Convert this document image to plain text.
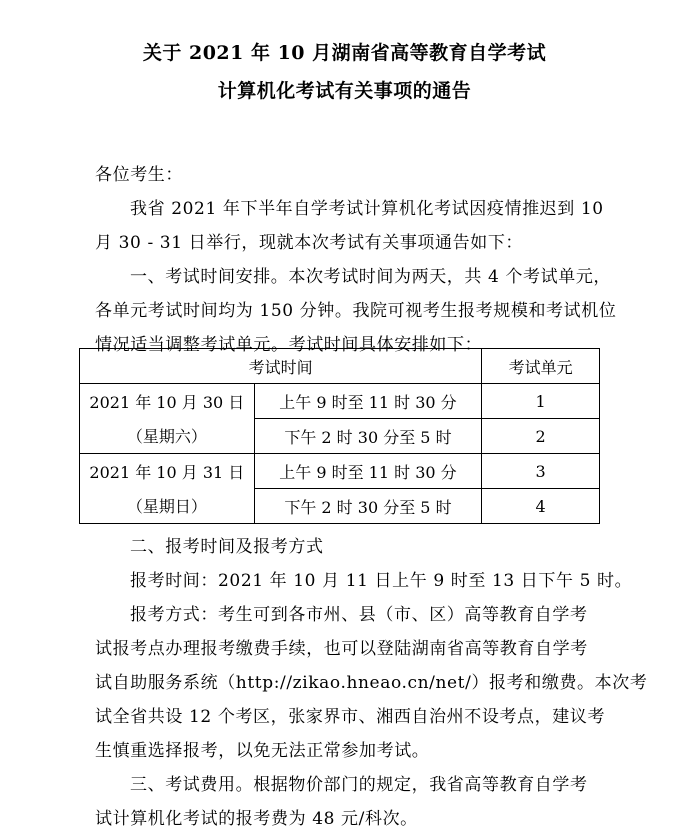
关于 2021 年 10 月湖南省高等教育自学考试
计算机化考试有关事项的通告
各位考生：
我省 2021 年下半年自学考试计算机化考试因疫情推迟到 10
月 30 - 31 日举行，现就本次考试有关事项通告如下：
一、考试时间安排。本次考试时间为两天，共 4 个考试单元，
各单元考试时间均为 150 分钟。我院可视考生报考规模和考试机位
情况适当调整考试单元。考试时间具体安排如下：
考试时间		考试单元
2021 年 10 月 30 日	上午 9 时至 11 时 30 分	1
（星期六）	下午 2 时 30 分至 5 时	2
2021 年 10 月 31 日	上午 9 时至 11 时 30 分	3
（星期日）	下午 2 时 30 分至 5 时	4
二、报考时间及报考方式
报考时间：2021 年 10 月 11 日上午 9 时至 13 日下午 5 时。
报考方式：考生可到各市州、县（市、区）高等教育自学考
试报考点办理报考缴费手续，也可以登陆湖南省高等教育自学考
试自助服务系统（http://zikao.hneao.cn/net/）报考和缴费。本次考
试全省共设 12 个考区，张家界市、湘西自治州不设考点，建议考
生慎重选择报考，以免无法正常参加考试。
三、考试费用。根据物价部门的规定，我省高等教育自学考
试计算机化考试的报考费为 48 元/科次。
